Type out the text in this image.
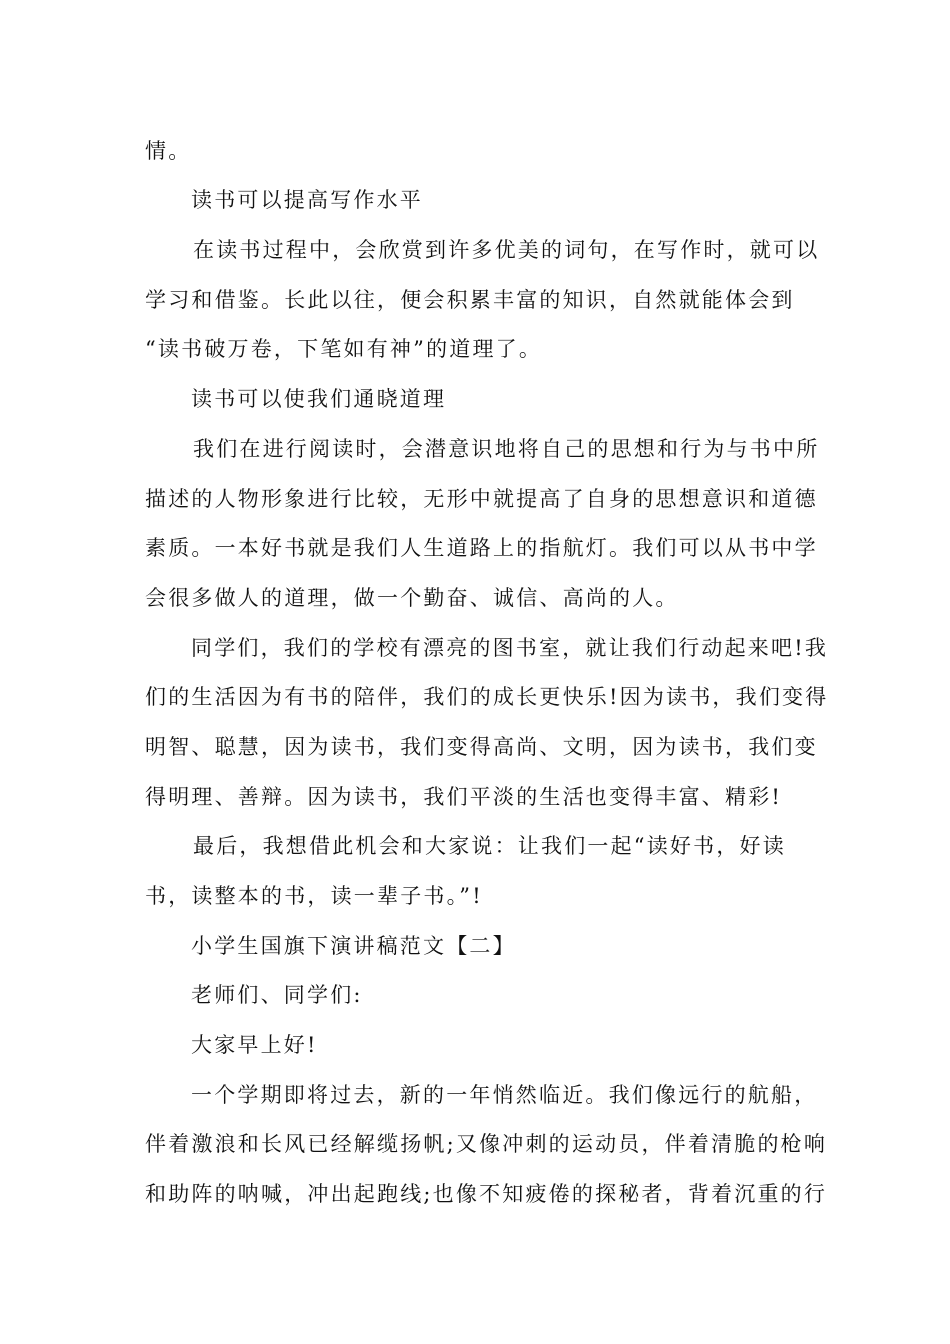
情。
读书可以提高写作水平
在读书过程中，会欣赏到许多优美的词句，在写作时，就可以
学习和借鉴。长此以往，便会积累丰富的知识，自然就能体会到
“读书破万卷，下笔如有神”的道理了。
读书可以使我们通晓道理
我们在进行阅读时，会潜意识地将自己的思想和行为与书中所
描述的人物形象进行比较，无形中就提高了自身的思想意识和道德
素质。一本好书就是我们人生道路上的指航灯。我们可以从书中学
会很多做人的道理，做一个勤奋、诚信、高尚的人。
同学们，我们的学校有漂亮的图书室，就让我们行动起来吧!我
们的生活因为有书的陪伴，我们的成长更快乐!因为读书，我们变得
明智、聪慧，因为读书，我们变得高尚、文明，因为读书，我们变
得明理、善辩。因为读书，我们平淡的生活也变得丰富、精彩!
最后，我想借此机会和大家说：让我们一起“读好书，好读
书，读整本的书，读一辈子书。”!
小学生国旗下演讲稿范文【二】
老师们、同学们:
大家早上好!
一个学期即将过去，新的一年悄然临近。我们像远行的航船，
伴着激浪和长风已经解缆扬帆;又像冲刺的运动员，伴着清脆的枪响
和助阵的呐喊，冲出起跑线;也像不知疲倦的探秘者，背着沉重的行
